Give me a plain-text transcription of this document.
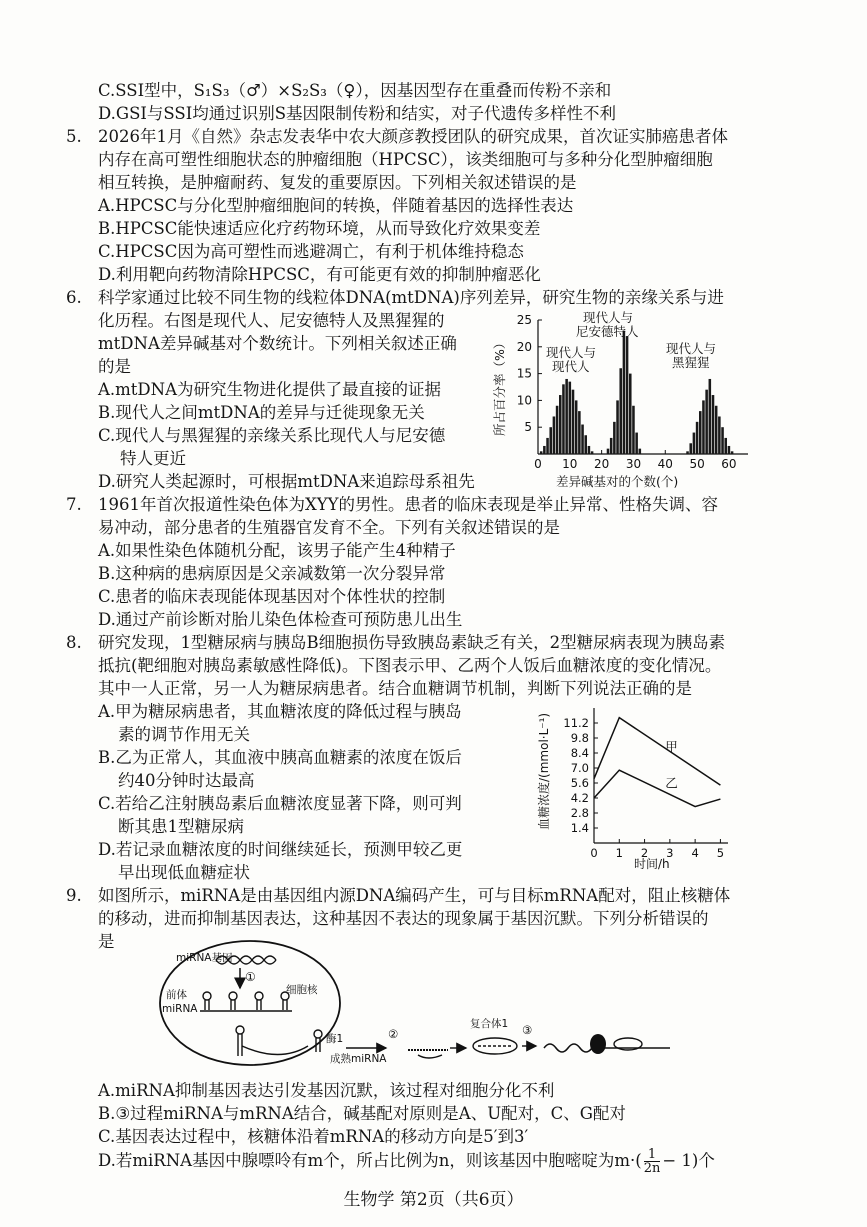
C.SSI型中，S₁S₃（♂）×S₂S₃（♀），因基因型存在重叠而传粉不亲和
D.GSI与SSI均通过识别S基因限制传粉和结实，对子代遗传多样性不利
5. 2026年1月《自然》杂志发表华中农大颜彦教授团队的研究成果，首次证实肺癌患者体
内存在高可塑性细胞状态的肿瘤细胞（HPCSC），该类细胞可与多种分化型肿瘤细胞
相互转换，是肿瘤耐药、复发的重要原因。下列相关叙述错误的是
A.HPCSC与分化型肿瘤细胞间的转换，伴随着基因的选择性表达
B.HPCSC能快速适应化疗药物环境，从而导致化疗效果变差
C.HPCSC因为高可塑性而逃避凋亡，有利于机体维持稳态
D.利用靶向药物清除HPCSC，有可能更有效的抑制肿瘤恶化
6. 科学家通过比较不同生物的线粒体DNA(mtDNA)序列差异，研究生物的亲缘关系与进
化历程。右图是现代人、尼安德特人及黑猩猩的
mtDNA差异碱基对个数统计。下列相关叙述正确
的是
A.mtDNA为研究生物进化提供了最直接的证据
B.现代人之间mtDNA的差异与迁徙现象无关
C.现代人与黑猩猩的亲缘关系比现代人与尼安德
特人更近
D.研究人类起源时，可根据mtDNA来追踪母系祖先
5
10
15
20
25
0 10 20 30 40 50 60
所占百分率（%）
差异碱基对的个数(个)
现代人与
现代人
现代人与
尼安德特人
现代人与
黑猩猩
7. 1961年首次报道性染色体为XYY的男性。患者的临床表现是举止异常、性格失调、容
易冲动，部分患者的生殖器官发育不全。下列有关叙述错误的是
A.如果性染色体随机分配，该男子能产生4种精子
B.这种病的患病原因是父亲减数第一次分裂异常
C.患者的临床表现能体现基因对个体性状的控制
D.通过产前诊断对胎儿染色体检查可预防患儿出生
8. 研究发现，1型糖尿病与胰岛B细胞损伤导致胰岛素缺乏有关，2型糖尿病表现为胰岛素
抵抗(靶细胞对胰岛素敏感性降低)。下图表示甲、乙两个人饭后血糖浓度的变化情况。
其中一人正常，另一人为糖尿病患者。结合血糖调节机制，判断下列说法正确的是
A.甲为糖尿病患者，其血糖浓度的降低过程与胰岛
素的调节作用无关
B.乙为正常人，其血液中胰高血糖素的浓度在饭后
约40分钟时达最高
C.若给乙注射胰岛素后血糖浓度显著下降，则可判
断其患1型糖尿病
D.若记录血糖浓度的时间继续延长，预测甲较乙更
早出现低血糖症状
1.4
2.8
4.2
5.6
7.0
8.4
9.8
11.2
0 1 2 3 4 5
甲
乙
血糖浓度/(mmol·L⁻¹)
时间/h
9. 如图所示，miRNA是由基因组内源DNA编码产生，可与目标mRNA配对，阻止核糖体
的移动，进而抑制基因表达，这种基因不表达的现象属于基因沉默。下列分析错误的
是
miRNA基因
①
细胞核
前体
miRNA
酶1	②
成熟miRNA
复合体1 ③
A.miRNA抑制基因表达引发基因沉默，该过程对细胞分化不利
B.③过程miRNA与mRNA结合，碱基配对原则是A、U配对，C、G配对
C.基因表达过程中，核糖体沿着mRNA的移动方向是5′到3′
D.若miRNA基因中腺嘌呤有m个，所占比例为n，则该基因中胞嘧啶为$m\cdot( \frac{1}{2n} - 1)$个
生物学 第2页（共6页）
